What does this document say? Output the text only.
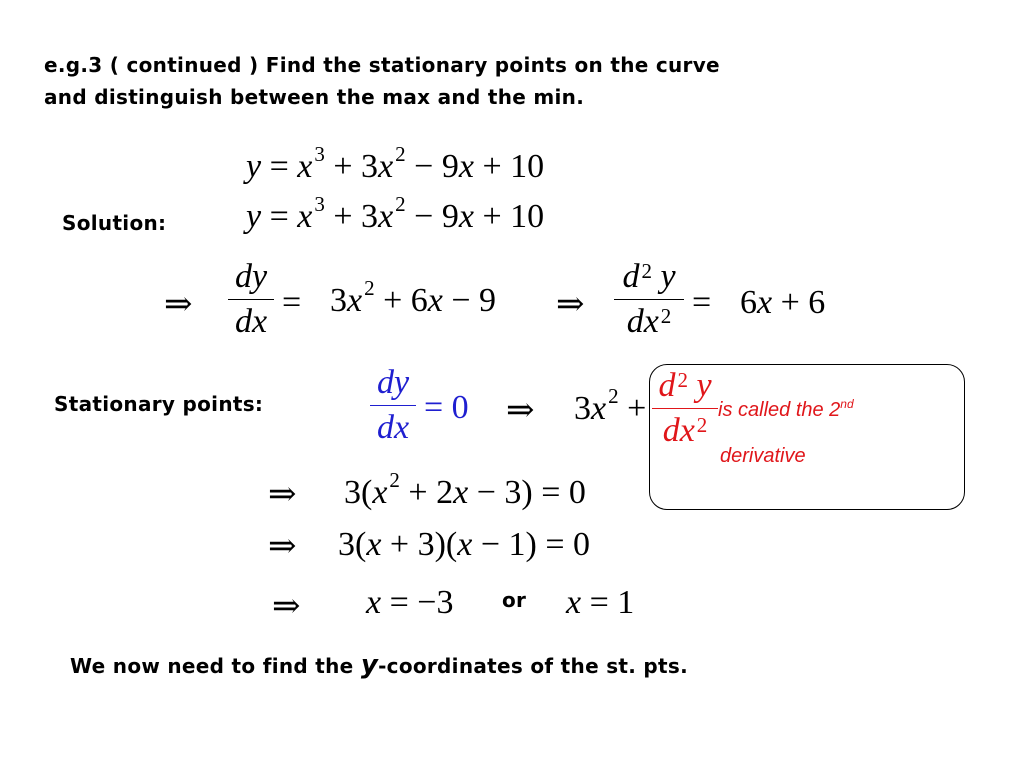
e.g.3 ( continued ) Find the stationary points on the curve
and distinguish between the max and the min.
$y = x^3 + 3x^2 - 9x + 10$
Solution: $y = x^3 + 3x^2 - 9x + 10$
⇒
dy
dx
= $3x^2 + 6x - 9$ ⇒
$d^2$ y
$dx^2 = 6x + 6$
Stationary points:
dy
dx
= 0 ⇒ $3x^2$ +
$d^2$ y
$dx^2$
is called the 2nd
derivative
⇒ $3(x^2 + 2x - 3) = 0$
⇒ 3(x + 3)(x − 1) = 0
⇒ x = −3 or x = 1
We now need to find the y-coordinates of the st. pts.
